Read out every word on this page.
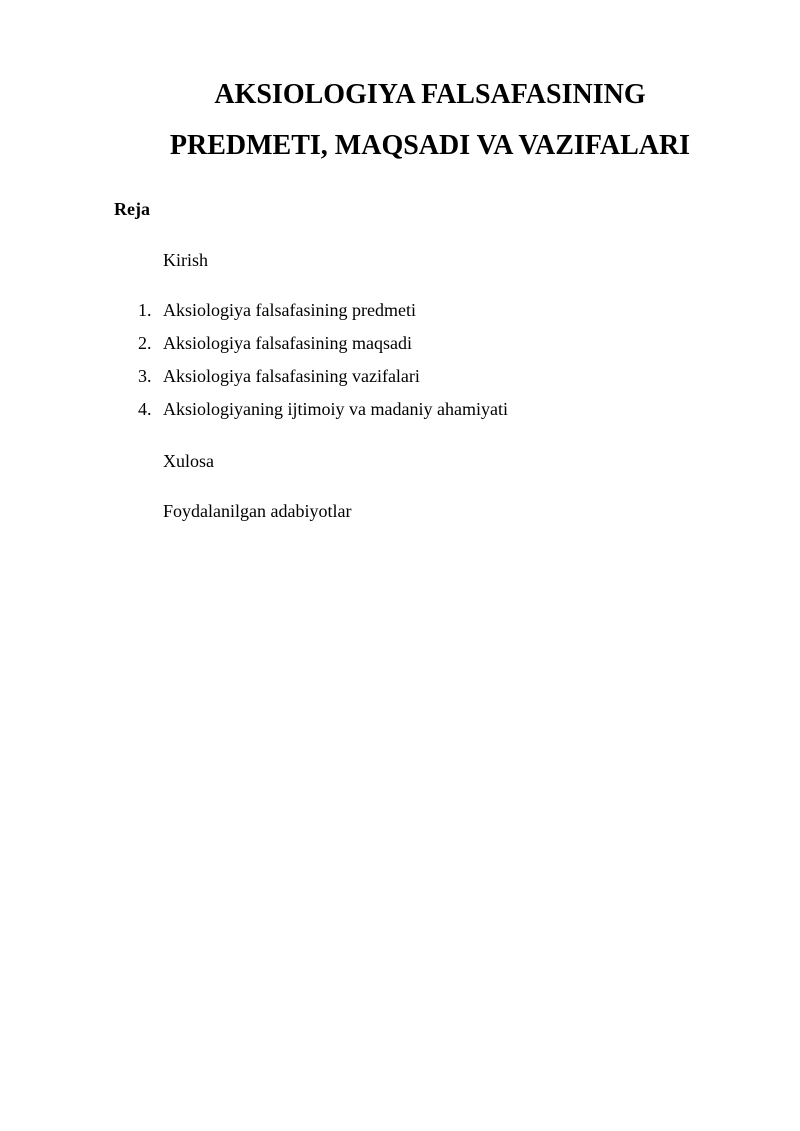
AKSIOLOGIYA FALSAFASINING
PREDMETI, MAQSADI VA VAZIFALARI
Reja
Kirish
1. Aksiologiya falsafasining predmeti
2. Aksiologiya falsafasining maqsadi
3. Aksiologiya falsafasining vazifalari
4. Aksiologiyaning ijtimoiy va madaniy ahamiyati
Xulosa
Foydalanilgan adabiyotlar
